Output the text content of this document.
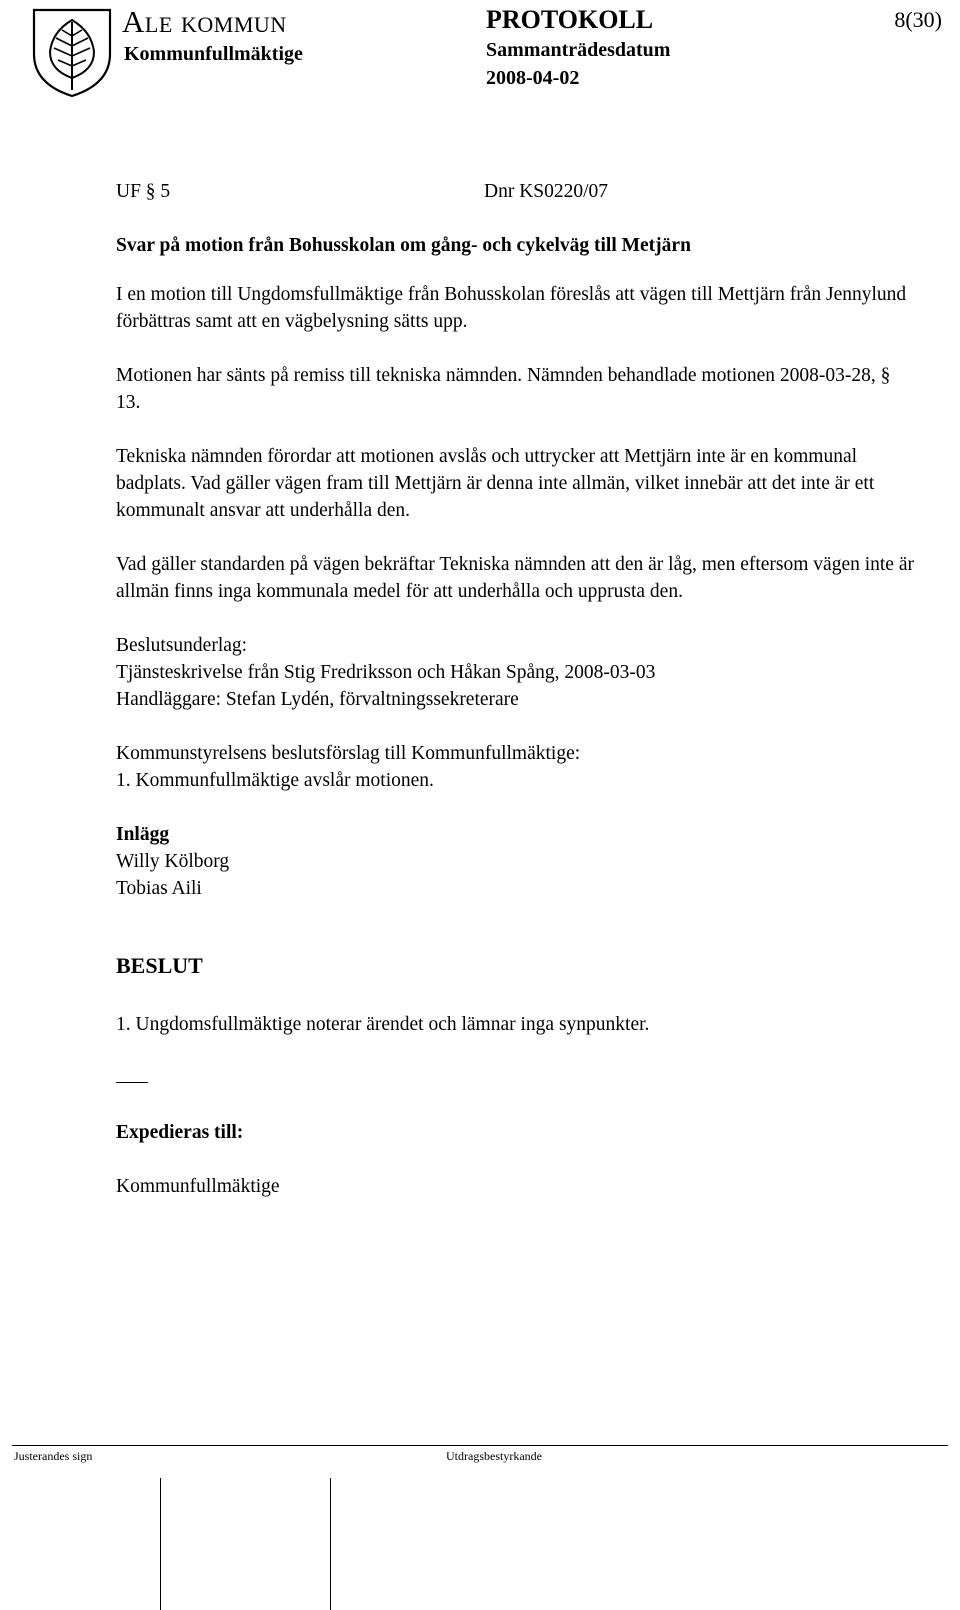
Ale kommun
Kommunfullmäktige
PROTOKOLL
Sammanträdesdatum
2008-04-02
8(30)
UF § 5	Dnr KS0220/07
Svar på motion från Bohusskolan om gång- och cykelväg till Metjärn

I en motion till Ungdomsfullmäktige från Bohusskolan föreslås att vägen till Mettjärn från Jennylund förbättras samt att en vägbelysning sätts upp.

Motionen har sänts på remiss till tekniska nämnden. Nämnden behandlade motionen 2008-03-28, § 13.

Tekniska nämnden förordar att motionen avslås och uttrycker att Mettjärn inte är en kommunal badplats. Vad gäller vägen fram till Mettjärn är denna inte allmän, vilket innebär att det inte är ett kommunalt ansvar att underhålla den.

Vad gäller standarden på vägen bekräftar Tekniska nämnden att den är låg, men eftersom vägen inte är allmän finns inga kommunala medel för att underhålla och upprusta den.

Beslutsunderlag:
Tjänsteskrivelse från Stig Fredriksson och Håkan Spång, 2008-03-03
Handläggare: Stefan Lydén, förvaltningssekreterare
Kommunstyrelsens beslutsförslag till Kommunfullmäktige:
1. Kommunfullmäktige avslår motionen.
Inlägg
Willy Kölborg
Tobias Aili
BESLUT
1. Ungdomsfullmäktige noterar ärendet och lämnar inga synpunkter.
Expedieras till:
Kommunfullmäktige
Justerandes sign	Utdragsbestyrkande
